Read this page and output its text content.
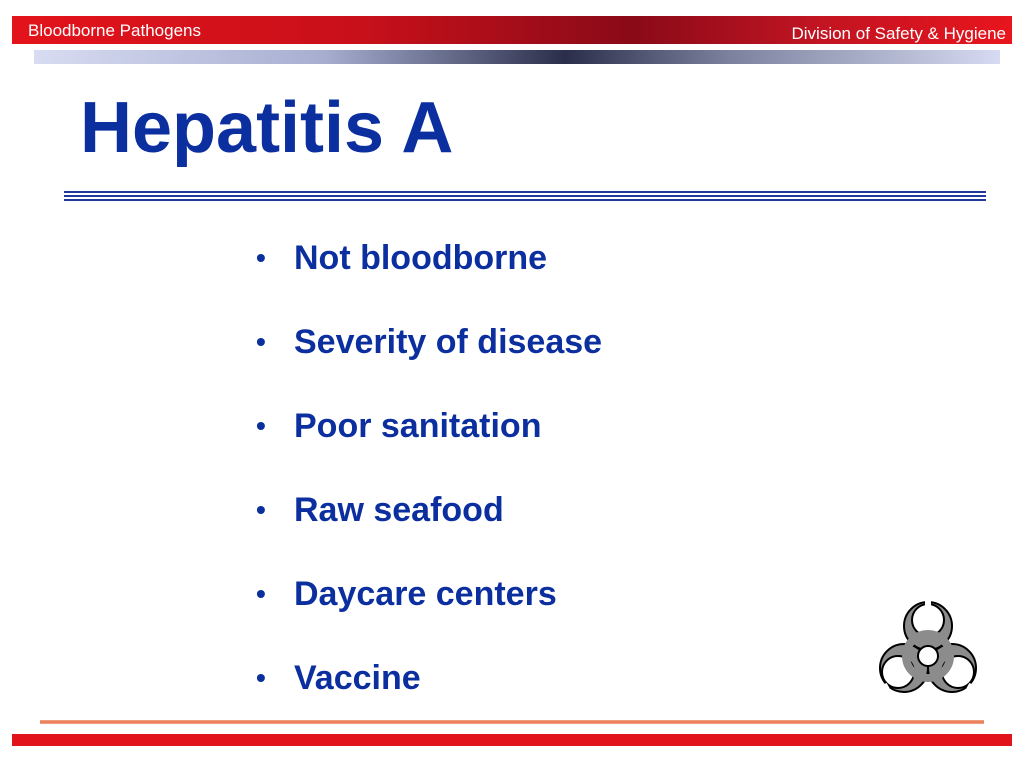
Bloodborne Pathogens	Division of Safety & Hygiene
Hepatitis A
• Not bloodborne
• Severity of disease
• Poor sanitation
• Raw seafood
• Daycare centers
• Vaccine
